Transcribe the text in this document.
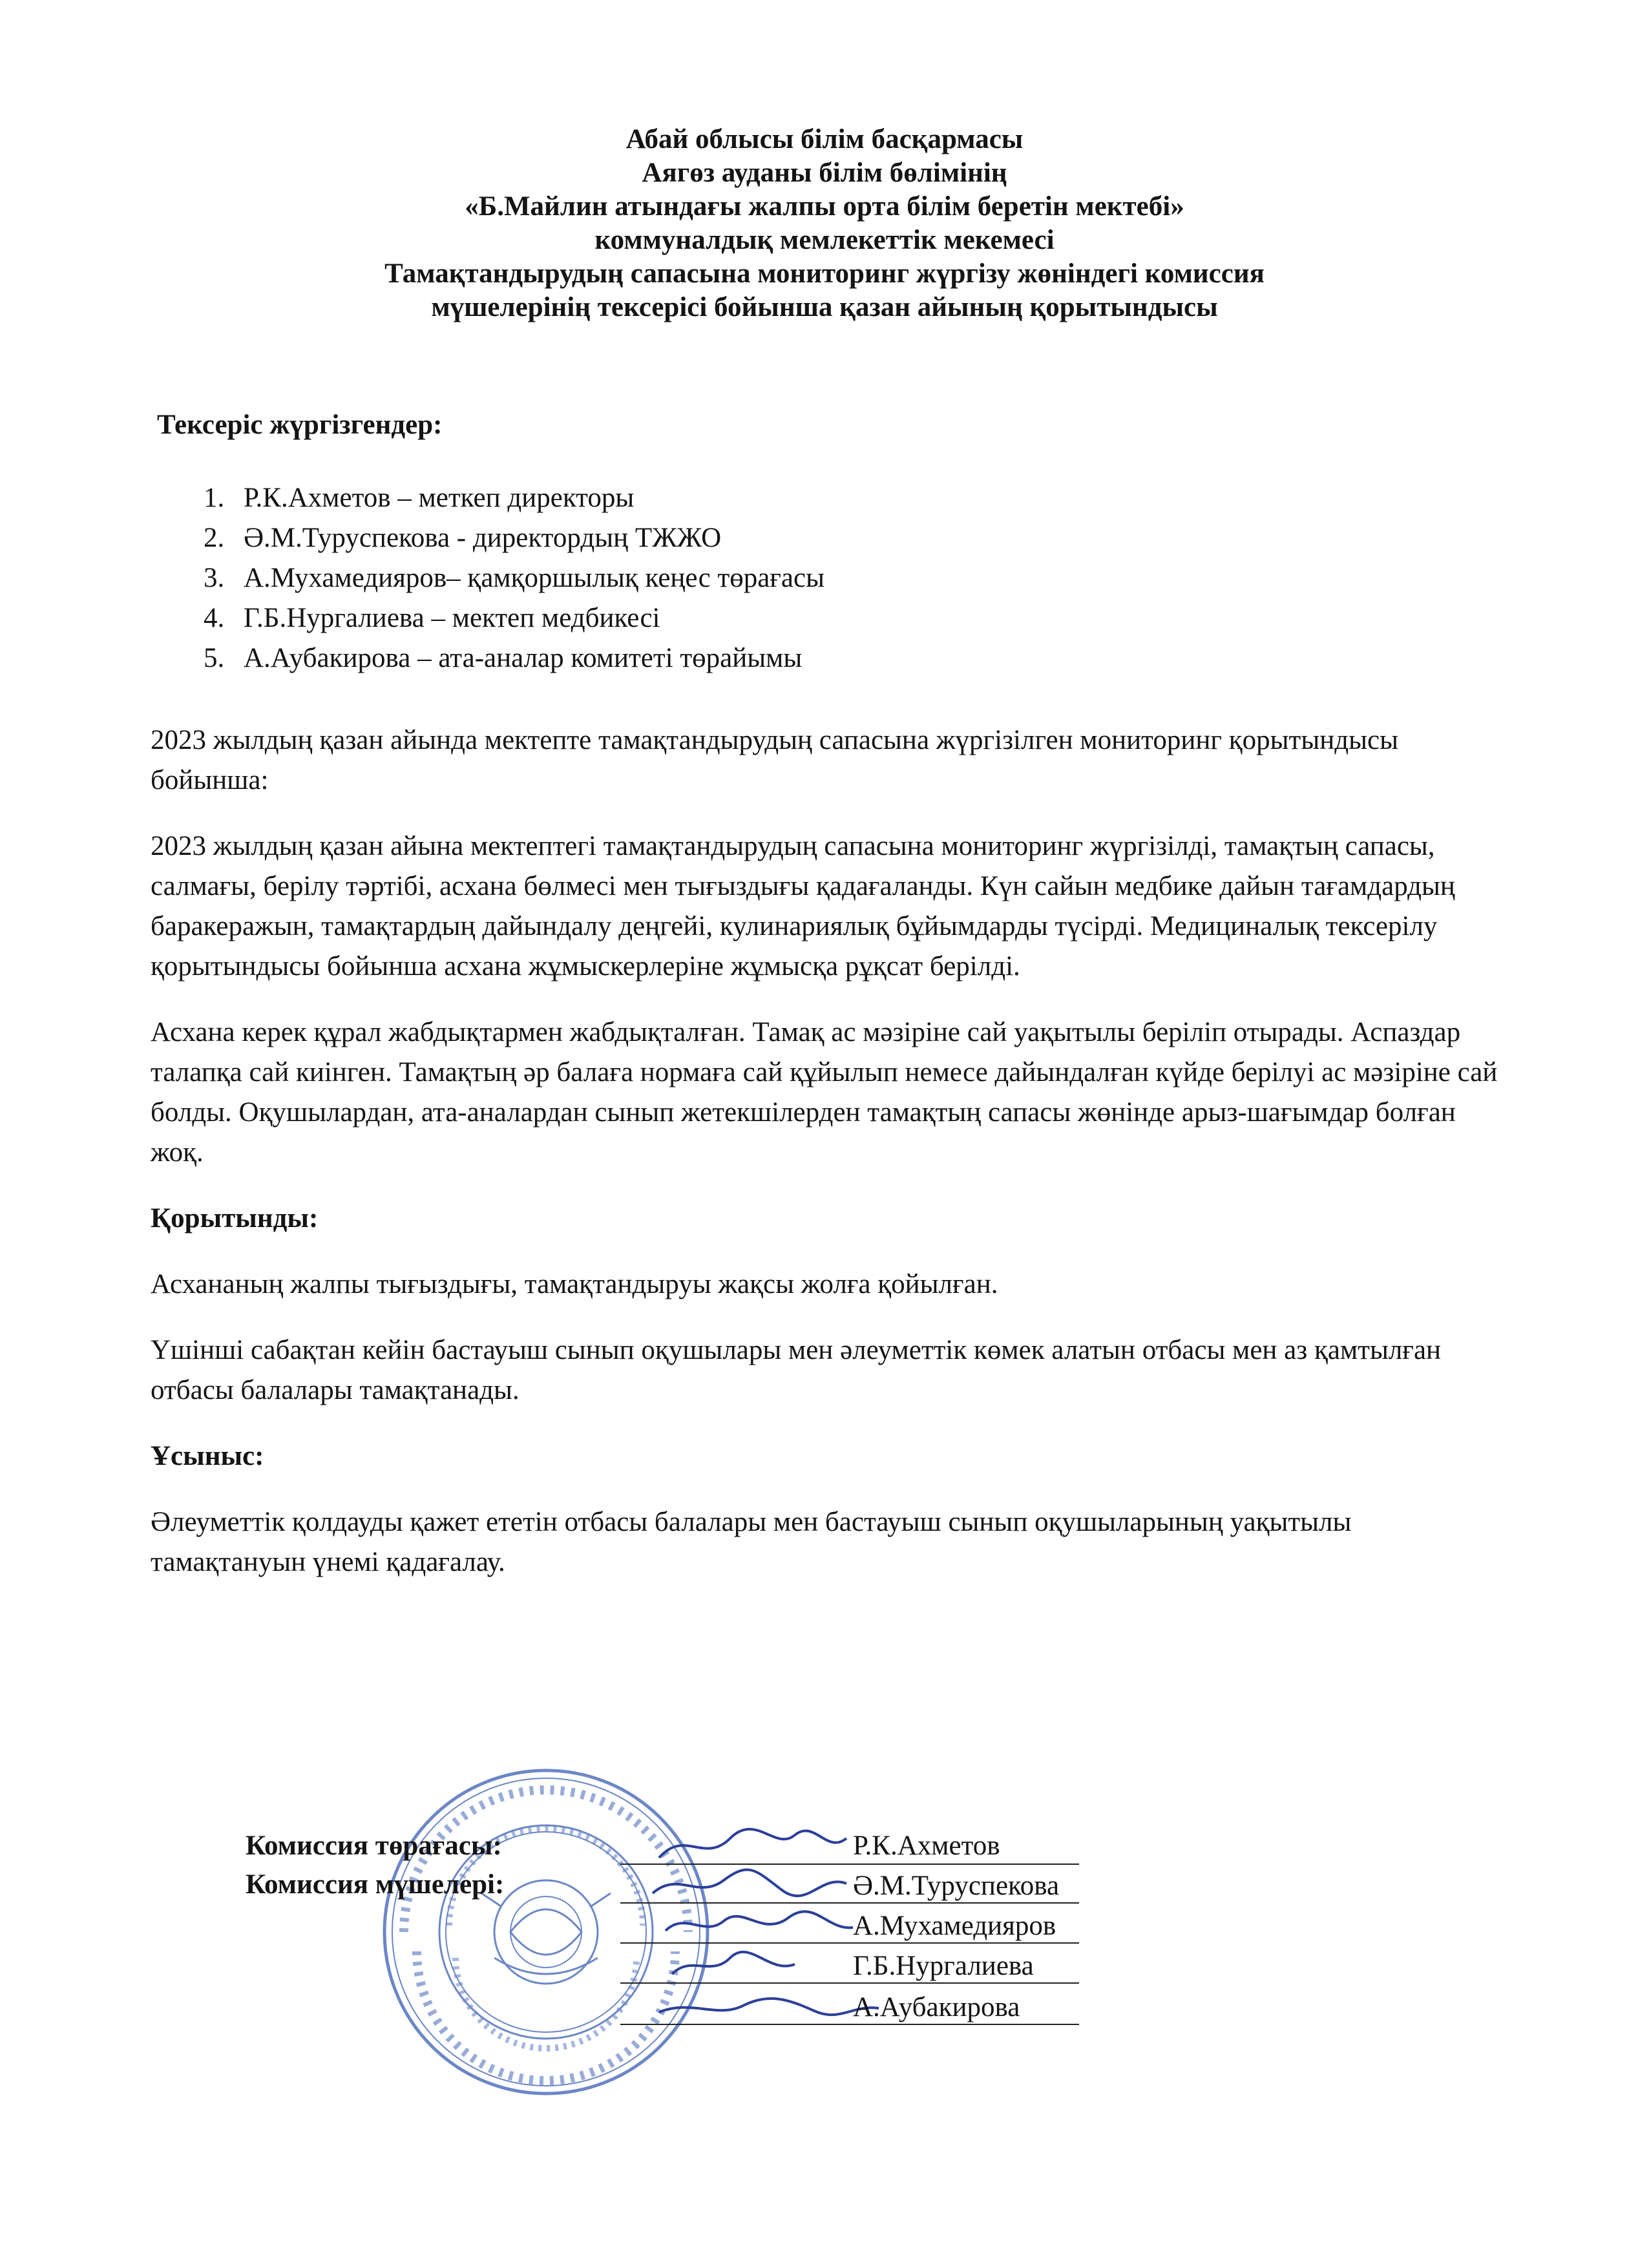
Абай облысы білім басқармасы
Аягөз ауданы білім бөлімінің
«Б.Майлин атындағы жалпы орта білім беретін мектебі»
коммуналдық мемлекеттік мекемесі
Тамақтандырудың сапасына мониторинг жүргізу жөніндегі комиссия
мүшелерінің тексерісі бойынша қазан айының қорытындысы
Тексеріс жүргізгендер:
1. Р.К.Ахметов – меткеп директоры
2. Ә.М.Туруспекова - директордың ТЖЖО
3. А.Мухамедияров– қамқоршылық кеңес төрағасы
4. Г.Б.Нургалиева – мектеп медбикесі
5. А.Аубакирова – ата-аналар комитеті төрайымы

2023 жылдың қазан айында мектепте тамақтандырудың сапасына жүргізілген мониторинг қорытындысы бойынша:

2023 жылдың қазан айына мектептегі тамақтандырудың сапасына мониторинг жүргізілді, тамақтың сапасы, салмағы, берілу тәртібі, асхана бөлмесі мен тығыздығы қадағаланды. Күн сайын медбике дайын тағамдардың баракеражын, тамақтардың дайындалу деңгейі, кулинариялық бұйымдарды түсірді. Медициналық тексерілу қорытындысы бойынша асхана жұмыскерлеріне жұмысқа рұқсат берілді.

Асхана керек құрал жабдықтармен жабдықталған. Тамақ ас мәзіріне сай уақытылы беріліп отырады. Аспаздар талапқа сай киінген. Тамақтың әр балаға нормаға сай құйылып немесе дайындалған күйде берілуі ас мәзіріне сай болды. Оқушылардан, ата-аналардан сынып жетекшілерден тамақтың сапасы жөнінде арыз-шағымдар болған жоқ.

Қорытынды:

Асхананың жалпы тығыздығы, тамақтандыруы жақсы жолға қойылған.

Үшінші сабақтан кейін бастауыш сынып оқушылары мен әлеуметтік көмек алатын отбасы мен аз қамтылған отбасы балалары тамақтанады.

Ұсыныс:

Әлеуметтік қолдауды қажет ететін отбасы балалары мен бастауыш сынып оқушыларының уақытылы тамақтануын үнемі қадағалау.

Комиссия төрағасы:
Комиссия мүшелері:
Р.К.Ахметов
Ә.М.Туруспекова
А.Мухамедияров
Г.Б.Нургалиева
А.Аубакирова
